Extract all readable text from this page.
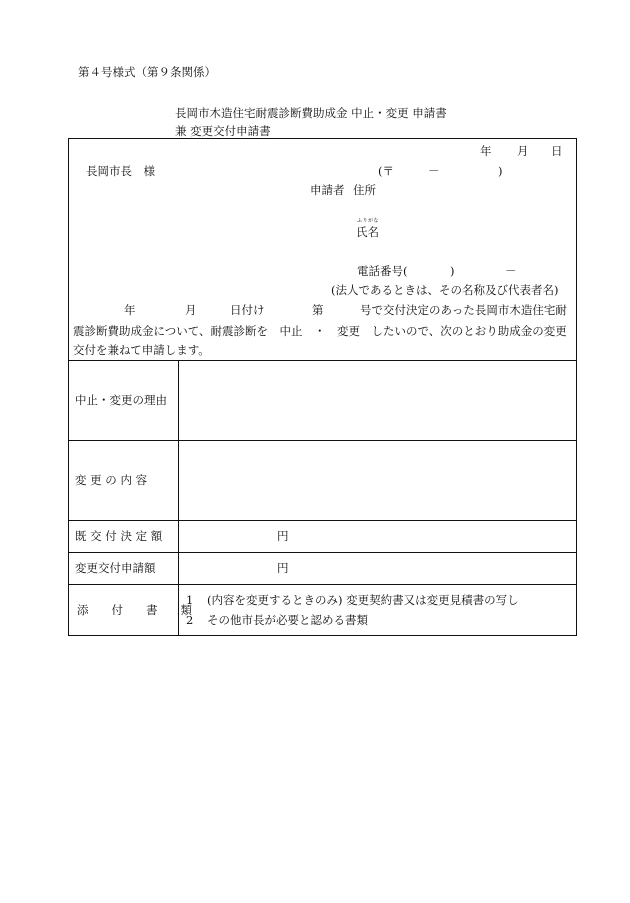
第４号様式（第９条関係）
長岡市木造住宅耐震診断費助成金 中止・変更 申請書
兼 変更交付申請書
年 月 日
長岡市長　様	(〒	－	)
申請者 住所
ふりがな
氏名
電話番号(	)	－
(法人であるときは、その名称及び代表者名)
年	月	日付け	第	号で交付決定のあった長岡市木造住宅耐
震診断費助成金について、耐震診断を　中止　・　変更　したいので、次のとおり助成金の変更
交付を兼ねて申請します。
中止・変更の理由
変 更 の 内 容
既 交 付 決 定 額	円
変更交付申請額	円
添　　付　　書　　類
1 (内容を変更するときのみ) 変更契約書又は変更見積書の写し
2 その他市長が必要と認める書類
